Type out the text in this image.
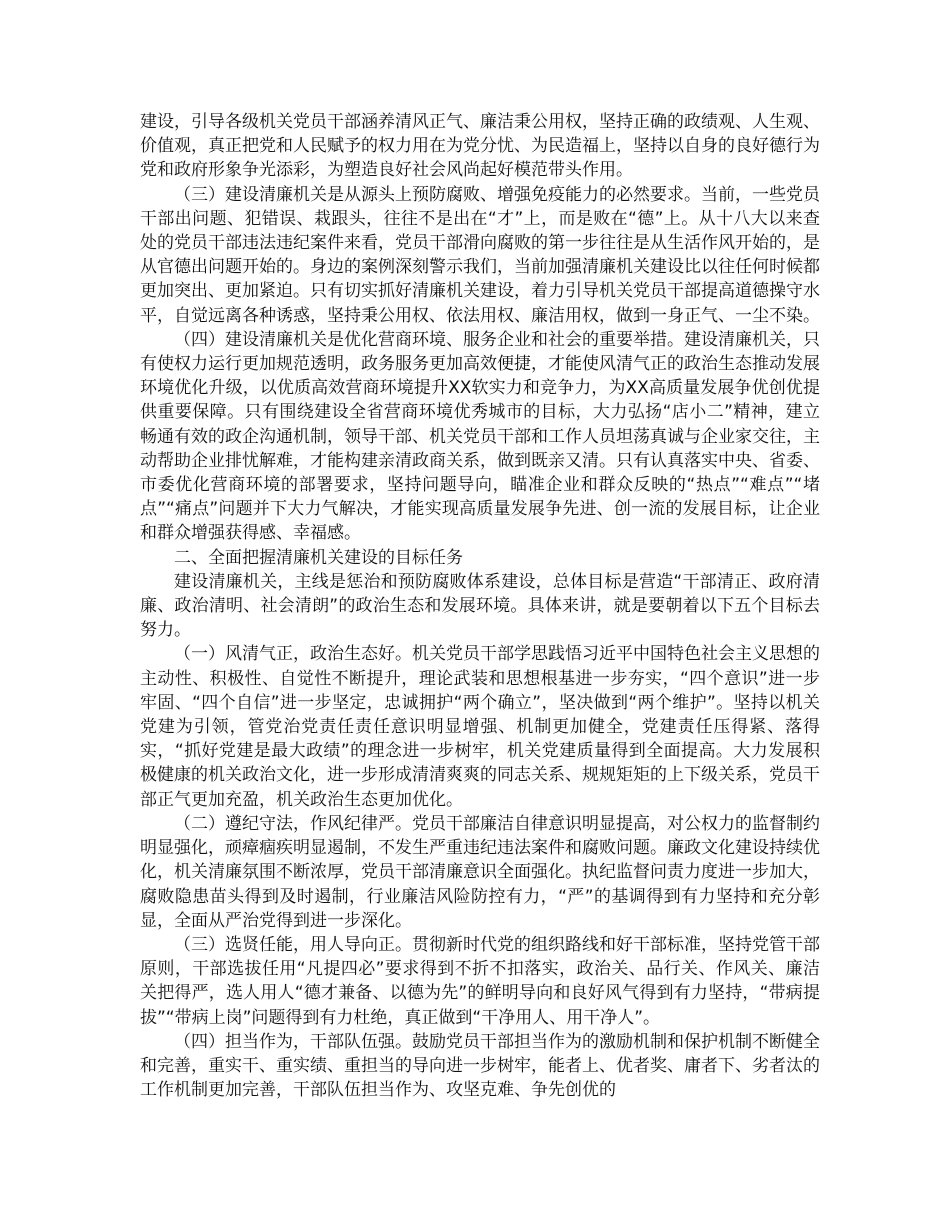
建设，引导各级机关党员干部涵养清风正气、廉洁秉公用权，坚持正确的政绩观、人生观、价值观，真正把党和人民赋予的权力用在为党分忧、为民造福上，坚持以自身的良好德行为党和政府形象争光添彩，为塑造良好社会风尚起好模范带头作用。

（三）建设清廉机关是从源头上预防腐败、增强免疫能力的必然要求。当前，一些党员干部出问题、犯错误、栽跟头，往往不是出在“才”上，而是败在“德”上。从十八大以来查处的党员干部违法违纪案件来看，党员干部滑向腐败的第一步往往是从生活作风开始的，是从官德出问题开始的。身边的案例深刻警示我们，当前加强清廉机关建设比以往任何时候都更加突出、更加紧迫。只有切实抓好清廉机关建设，着力引导机关党员干部提高道德操守水平，自觉远离各种诱惑，坚持秉公用权、依法用权、廉洁用权，做到一身正气、一尘不染。

（四）建设清廉机关是优化营商环境、服务企业和社会的重要举措。建设清廉机关，只有使权力运行更加规范透明，政务服务更加高效便捷，才能使风清气正的政治生态推动发展环境优化升级，以优质高效营商环境提升XX软实力和竞争力，为XX高质量发展争优创优提供重要保障。只有围绕建设全省营商环境优秀城市的目标，大力弘扬“店小二”精神，建立畅通有效的政企沟通机制，领导干部、机关党员干部和工作人员坦荡真诚与企业家交往，主动帮助企业排忧解难，才能构建亲清政商关系，做到既亲又清。只有认真落实中央、省委、市委优化营商环境的部署要求，坚持问题导向，瞄准企业和群众反映的“热点”“难点”“堵点”“痛点”问题并下大力气解决，才能实现高质量发展争先进、创一流的发展目标，让企业和群众增强获得感、幸福感。

二、全面把握清廉机关建设的目标任务

建设清廉机关，主线是惩治和预防腐败体系建设，总体目标是营造“干部清正、政府清廉、政治清明、社会清朗”的政治生态和发展环境。具体来讲，就是要朝着以下五个目标去努力。

（一）风清气正，政治生态好。机关党员干部学思践悟习近平中国特色社会主义思想的主动性、积极性、自觉性不断提升，理论武装和思想根基进一步夯实，“四个意识”进一步牢固、“四个自信”进一步坚定，忠诚拥护“两个确立”，坚决做到“两个维护”。坚持以机关党建为引领，管党治党责任责任意识明显增强、机制更加健全，党建责任压得紧、落得实，“抓好党建是最大政绩”的理念进一步树牢，机关党建质量得到全面提高。大力发展积极健康的机关政治文化，进一步形成清清爽爽的同志关系、规规矩矩的上下级关系，党员干部正气更加充盈，机关政治生态更加优化。

（二）遵纪守法，作风纪律严。党员干部廉洁自律意识明显提高，对公权力的监督制约明显强化，顽瘴痼疾明显遏制，不发生严重违纪违法案件和腐败问题。廉政文化建设持续优化，机关清廉氛围不断浓厚，党员干部清廉意识全面强化。执纪监督问责力度进一步加大，腐败隐患苗头得到及时遏制，行业廉洁风险防控有力，“严”的基调得到有力坚持和充分彰显，全面从严治党得到进一步深化。

（三）选贤任能，用人导向正。贯彻新时代党的组织路线和好干部标准，坚持党管干部原则，干部选拔任用“凡提四必”要求得到不折不扣落实，政治关、品行关、作风关、廉洁关把得严，选人用人“德才兼备、以德为先”的鲜明导向和良好风气得到有力坚持，“带病提拔”“带病上岗”问题得到有力杜绝，真正做到“干净用人、用干净人”。

（四）担当作为，干部队伍强。鼓励党员干部担当作为的激励机制和保护机制不断健全和完善，重实干、重实绩、重担当的导向进一步树牢，能者上、优者奖、庸者下、劣者汰的工作机制更加完善，干部队伍担当作为、攻坚克难、争先创优的
